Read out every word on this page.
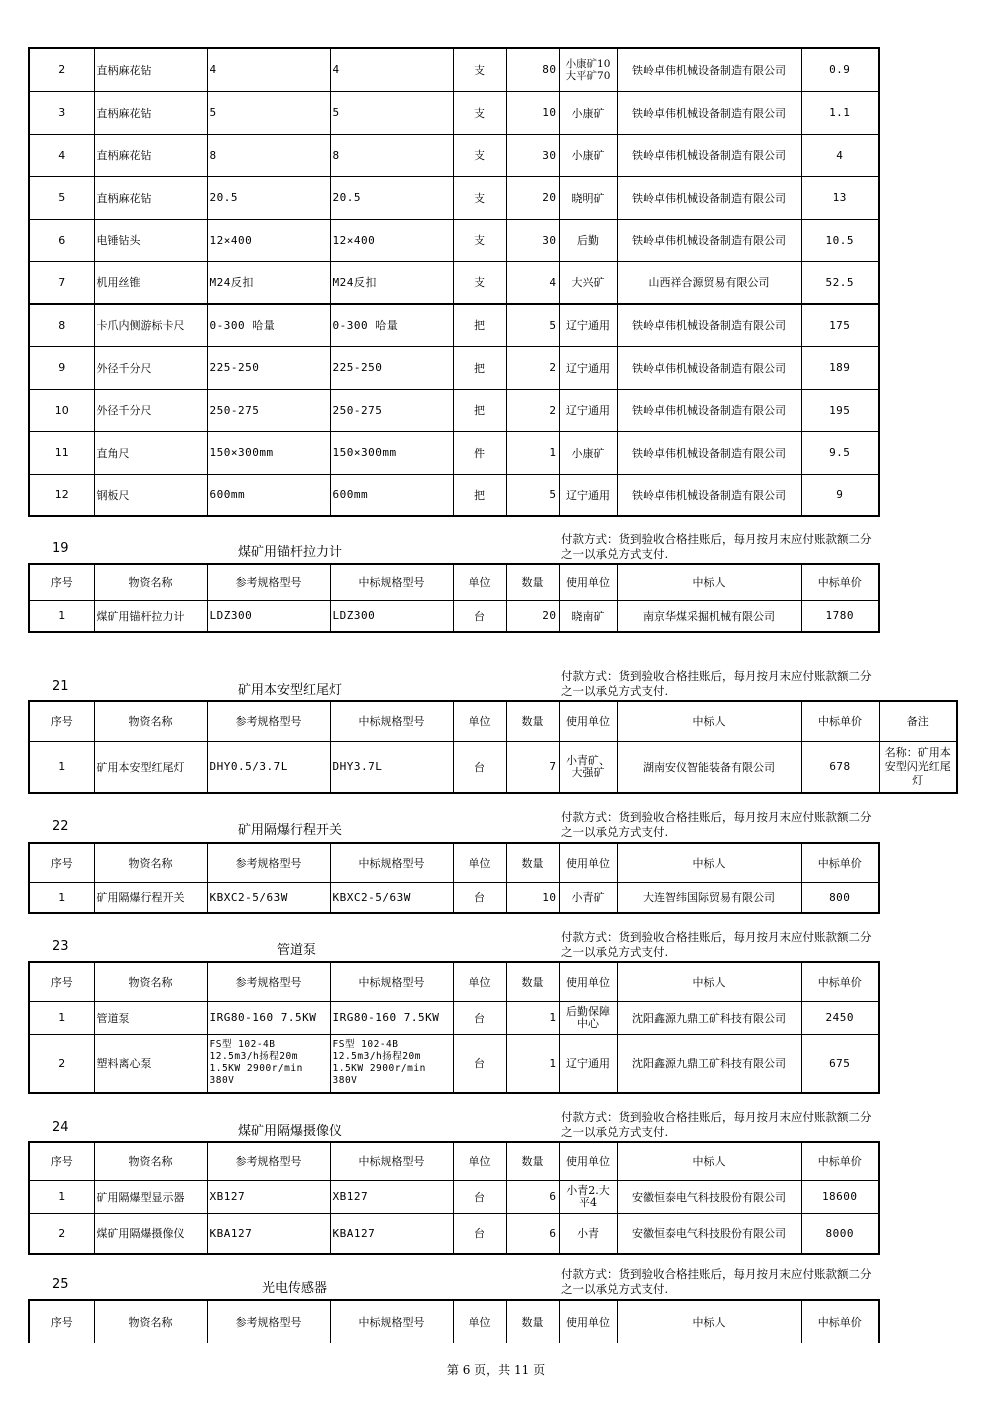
2	直柄麻花钻	4	4	支	80	小康矿10 大平矿70	铁岭卓伟机械设备制造有限公司	0.9
3	直柄麻花钻	5	5	支	10	小康矿	铁岭卓伟机械设备制造有限公司	1.1
4	直柄麻花钻	8	8	支	30	小康矿	铁岭卓伟机械设备制造有限公司	4
5	直柄麻花钻	20.5	20.5	支	20	晓明矿	铁岭卓伟机械设备制造有限公司	13
6	电锤钻头	12×400	12×400	支	30	后勤	铁岭卓伟机械设备制造有限公司	10.5
7	机用丝锥	M24反扣	M24反扣	支	4	大兴矿	山西祥合源贸易有限公司	52.5
8	卡爪内侧游标卡尺	0-300 哈量	0-300 哈量	把	5	辽宁通用	铁岭卓伟机械设备制造有限公司	175
9	外径千分尺	225-250	225-250	把	2	辽宁通用	铁岭卓伟机械设备制造有限公司	189
10	外径千分尺	250-275	250-275	把	2	辽宁通用	铁岭卓伟机械设备制造有限公司	195
11	直角尺	150×300mm	150×300mm	件	1	小康矿	铁岭卓伟机械设备制造有限公司	9.5
12	钢板尺	600mm	600mm	把	5	辽宁通用	铁岭卓伟机械设备制造有限公司	9
19	煤矿用锚杆拉力计
付款方式：货到验收合格挂账后，每月按月末应付账款额二分之一以承兑方式支付.
序号	物资名称	参考规格型号	中标规格型号	单位	数量	使用单位	中标人	中标单价
1	煤矿用锚杆拉力计	LDZ300	LDZ300	台	20	晓南矿	南京华煤采掘机械有限公司	1780
21	矿用本安型红尾灯
付款方式：货到验收合格挂账后，每月按月末应付账款额二分之一以承兑方式支付.
序号	物资名称	参考规格型号	中标规格型号	单位	数量	使用单位	中标人	中标单价	备注
1	矿用本安型红尾灯	DHY0.5/3.7L	DHY3.7L	台	7	小青矿、大强矿	湖南安仪智能装备有限公司	678	名称：矿用本安型闪光红尾灯
22	矿用隔爆行程开关
付款方式：货到验收合格挂账后，每月按月末应付账款额二分之一以承兑方式支付.
序号	物资名称	参考规格型号	中标规格型号	单位	数量	使用单位	中标人	中标单价
1	矿用隔爆行程开关	KBXC2-5/63W	KBXC2-5/63W	台	10	小青矿	大连智纬国际贸易有限公司	800
23	管道泵
付款方式：货到验收合格挂账后，每月按月末应付账款额二分之一以承兑方式支付.
序号	物资名称	参考规格型号	中标规格型号	单位	数量	使用单位	中标人	中标单价
1	管道泵	IRG80-160 7.5KW	IRG80-160 7.5KW	台	1	后勤保障中心	沈阳鑫源九鼎工矿科技有限公司	2450
2	塑料离心泵	FS型 102-4B 12.5m3/h扬程20m 1.5KW 2900r/min 380V	FS型 102-4B 12.5m3/h扬程20m 1.5KW 2900r/min 380V	台	1	辽宁通用	沈阳鑫源九鼎工矿科技有限公司	675
24	煤矿用隔爆摄像仪
付款方式：货到验收合格挂账后，每月按月末应付账款额二分之一以承兑方式支付.
序号	物资名称	参考规格型号	中标规格型号	单位	数量	使用单位	中标人	中标单价
1	矿用隔爆型显示器	XB127	XB127	台	6	小青2.大平4	安徽恒泰电气科技股份有限公司	18600
2	煤矿用隔爆摄像仪	KBA127	KBA127	台	6	小青	安徽恒泰电气科技股份有限公司	8000
25	光电传感器
付款方式：货到验收合格挂账后，每月按月末应付账款额二分之一以承兑方式支付.
序号	物资名称	参考规格型号	中标规格型号	单位	数量	使用单位	中标人	中标单价
第 6 页，共 11 页
